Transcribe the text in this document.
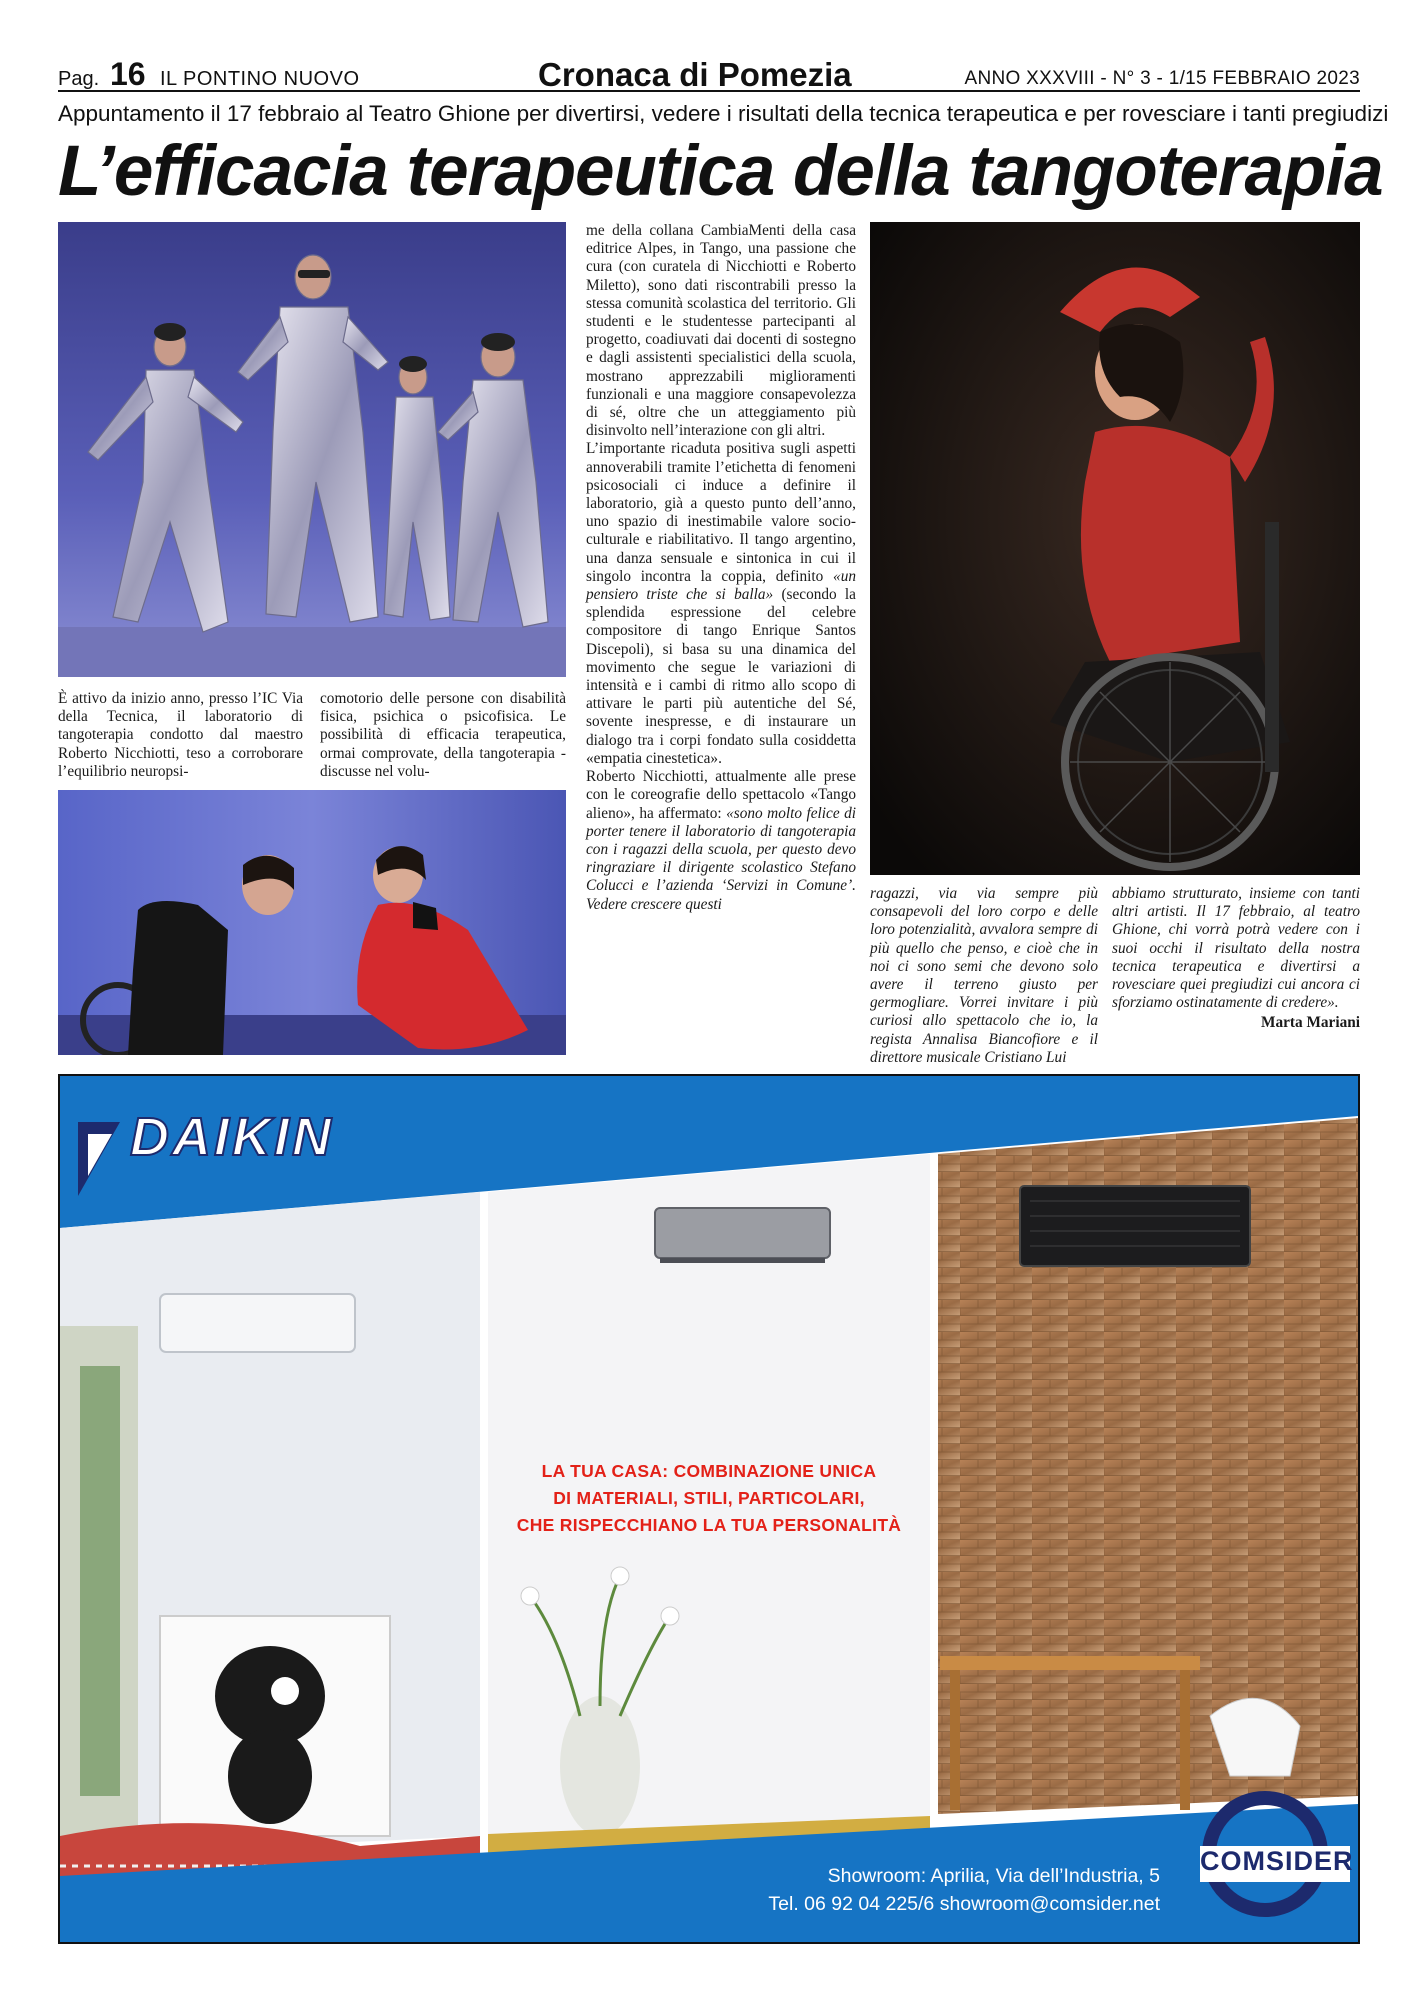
Pag. 16 IL PONTINO NUOVO	Cronaca di Pomezia	ANNO XXXVIII - N° 3 - 1/15 FEBBRAIO 2023
Appuntamento il 17 febbraio al Teatro Ghione per divertirsi, vedere i risultati della tecnica terapeutica e per rovesciare i tanti pregiudizi
L’efficacia terapeutica della tangoterapia

È attivo da inizio anno, presso l’IC Via della Tecnica, il laboratorio di tangoterapia condotto dal maestro Roberto Nicchiotti, teso a corroborare l’equilibrio neuropsi-

comotorio delle persone con disabilità fisica, psichica o psicofisica. Le possibilità di efficacia terapeutica, ormai comprovate, della tangoterapia - discusse nel volu-

me della collana CambiaMenti della casa editrice Alpes, in Tango, una passione che cura (con curatela di Nicchiotti e Roberto Miletto), sono dati riscontrabili presso la stessa comunità scolastica del territorio. Gli studenti e le studentesse partecipanti al progetto, coadiuvati dai docenti di sostegno e dagli assistenti specialistici della scuola, mostrano apprezzabili miglioramenti funzionali e una maggiore consapevolezza di sé, oltre che un atteggiamento più disinvolto nell’interazione con gli altri.

L’importante ricaduta positiva sugli aspetti annoverabili tramite l’etichetta di fenomeni psicosociali ci induce a definire il laboratorio, già a questo punto dell’anno, uno spazio di inestimabile valore socio-culturale e riabilitativo. Il tango argentino, una danza sensuale e sintonica in cui il singolo incontra la coppia, definito «un pensiero triste che si balla» (secondo la splendida espressione del celebre compositore di tango Enrique Santos Discepoli), si basa su una dinamica del movimento che segue le variazioni di intensità e i cambi di ritmo allo scopo di attivare le parti più autentiche del Sé, sovente inespresse, e di instaurare un dialogo tra i corpi fondato sulla cosiddetta «empatia cinestetica».

Roberto Nicchiotti, attualmente alle prese con le coreografie dello spettacolo «Tango alieno», ha affermato: «sono molto felice di porter tenere il laboratorio di tangoterapia con i ragazzi della scuola, per questo devo ringraziare il dirigente scolastico Stefano Colucci e l’azienda ‘Servizi in Comune’. Vedere crescere questi

ragazzi, via via sempre più consapevoli del loro corpo e delle loro potenzialità, avvalora sempre di più quello che penso, e cioè che in noi ci sono semi che devono solo avere il terreno giusto per germogliare. Vorrei invitare i più curiosi allo spettacolo che io, la regista Annalisa Biancofiore e il direttore musicale Cristiano Lui

abbiamo strutturato, insieme con tanti altri artisti. Il 17 febbraio, al teatro Ghione, chi vorrà potrà vedere con i suoi occhi il risultato della nostra tecnica terapeutica e divertirsi a rovesciare quei pregiudizi cui ancora ci sforziamo ostinatamente di credere».

Marta Mariani
DAIKIN
LA TUA CASA: COMBINAZIONE UNICA
DI MATERIALI, STILI, PARTICOLARI,
CHE RISPECCHIANO LA TUA PERSONALITÀ
Showroom: Aprilia, Via dell’Industria, 5
Tel. 06 92 04 225/6 showroom@comsider.net
COMSIDER
